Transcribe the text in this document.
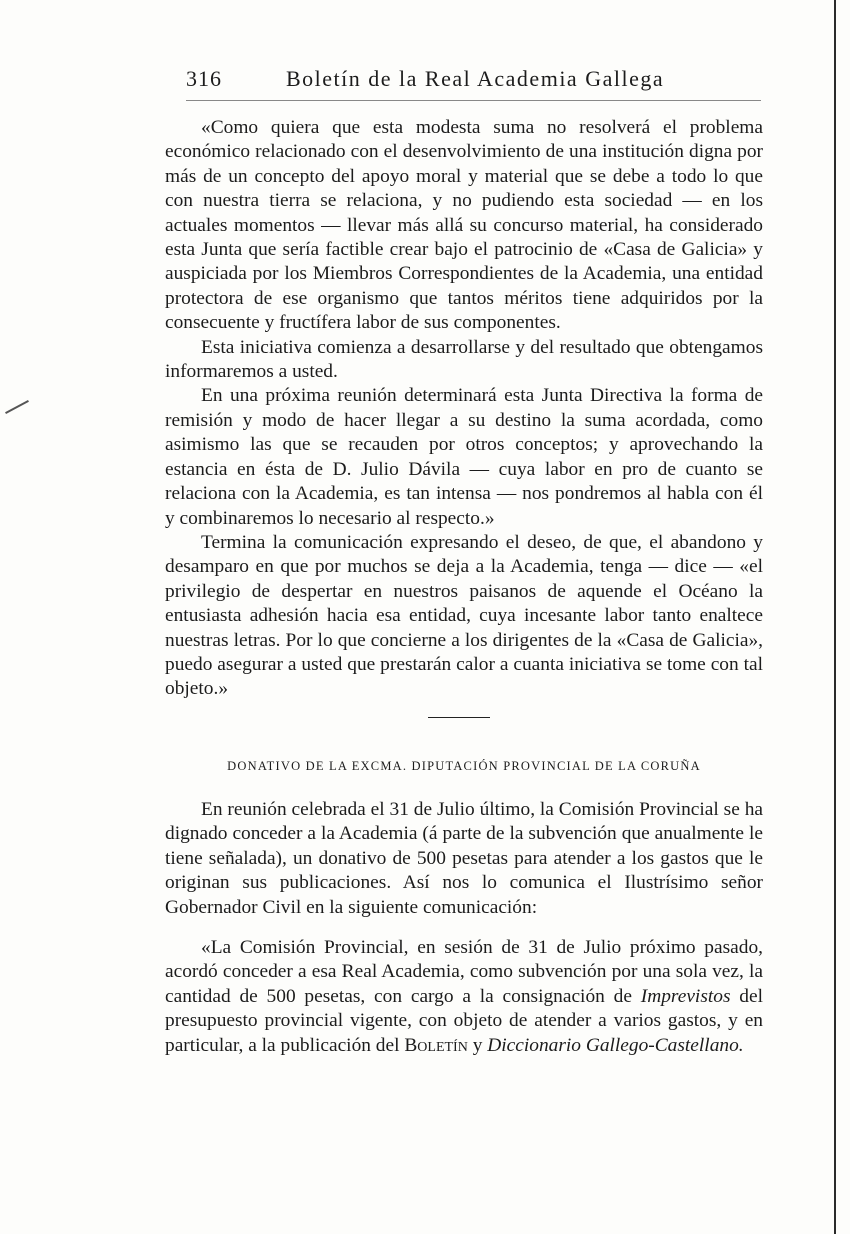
316	Boletín de la Real Academia Gallega

«Como quiera que esta modesta suma no resolverá el problema económico relacionado con el desenvolvimiento de una institución digna por más de un concepto del apoyo moral y material que se debe a todo lo que con nuestra tierra se relaciona, y no pudiendo esta sociedad — en los actuales momentos — llevar más allá su concurso material, ha considerado esta Junta que sería factible crear bajo el patrocinio de «Casa de Galicia» y auspiciada por los Miembros Correspondientes de la Academia, una entidad protectora de ese organismo que tantos méritos tiene adquiridos por la consecuente y fructífera labor de sus componentes.

Esta iniciativa comienza a desarrollarse y del resultado que obtengamos informaremos a usted.

En una próxima reunión determinará esta Junta Directiva la forma de remisión y modo de hacer llegar a su destino la suma acordada, como asimismo las que se recauden por otros conceptos; y aprovechando la estancia en ésta de D. Julio Dávila — cuya labor en pro de cuanto se relaciona con la Academia, es tan intensa — nos pondremos al habla con él y combinaremos lo necesario al respecto.»

Termina la comunicación expresando el deseo, de que, el abandono y desamparo en que por muchos se deja a la Academia, tenga — dice — «el privilegio de despertar en nuestros paisanos de aquende el Océano la entusiasta adhesión hacia esa entidad, cuya incesante labor tanto enaltece nuestras letras. Por lo que concierne a los dirigentes de la «Casa de Galicia», puedo asegurar a usted que prestarán calor a cuanta iniciativa se tome con tal objeto.»

DONATIVO DE LA EXCMA. DIPUTACIÓN PROVINCIAL DE LA CORUÑA

En reunión celebrada el 31 de Julio último, la Comisión Provincial se ha dignado conceder a la Academia (á parte de la subvención que anualmente le tiene señalada), un donativo de 500 pesetas para atender a los gastos que le originan sus publicaciones. Así nos lo comunica el Ilustrísimo señor Gobernador Civil en la siguiente comunicación:

«La Comisión Provincial, en sesión de 31 de Julio próximo pasado, acordó conceder a esa Real Academia, como subvención por una sola vez, la cantidad de 500 pesetas, con cargo a la consignación de Imprevistos del presupuesto provincial vigente, con objeto de atender a varios gastos, y en particular, a la publicación del Boletín y Diccionario Gallego-Castellano.
